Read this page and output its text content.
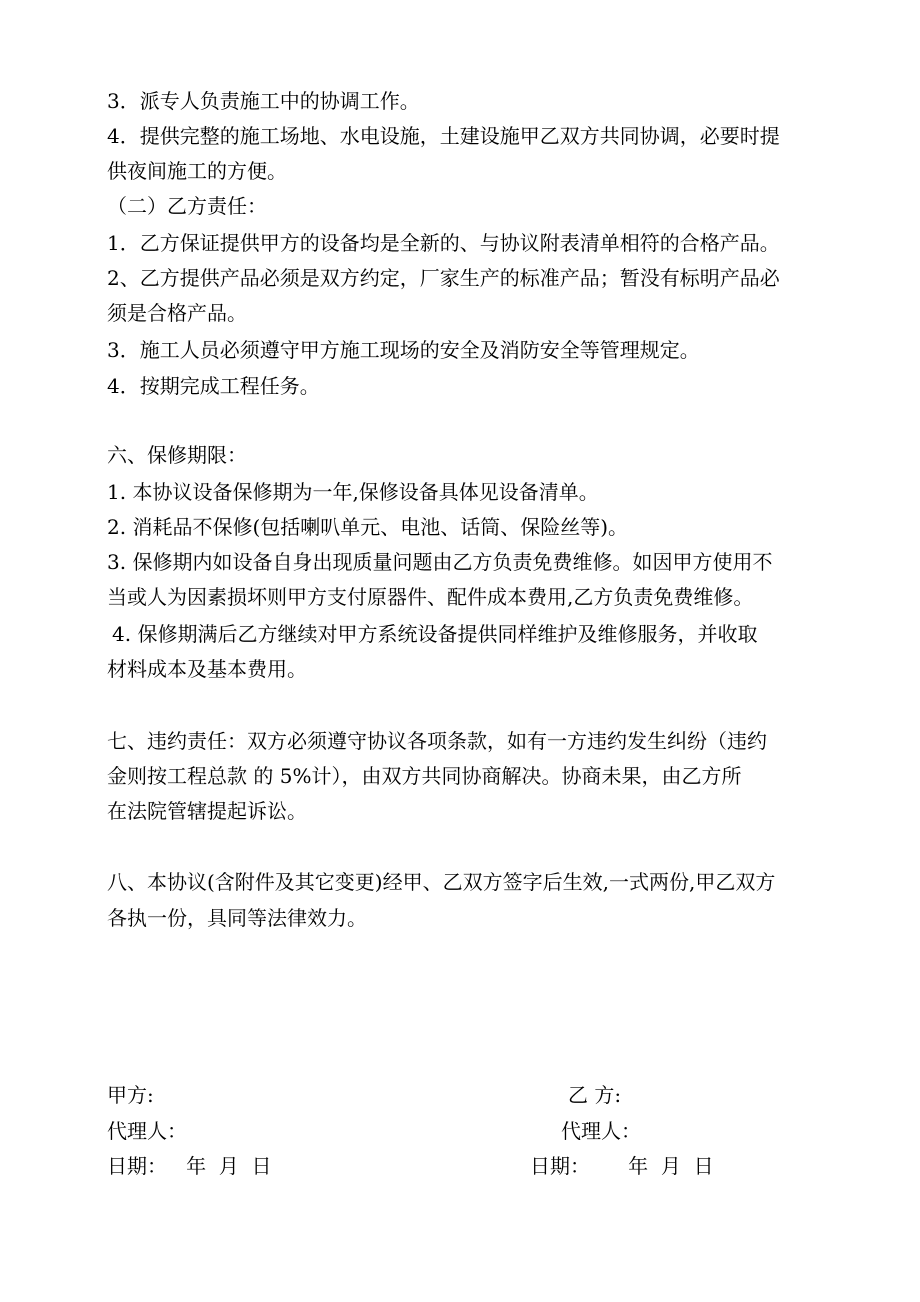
3．派专人负责施工中的协调工作。
4．提供完整的施工场地、水电设施，土建设施甲乙双方共同协调，必要时提
供夜间施工的方便。
（二）乙方责任：
1．乙方保证提供甲方的设备均是全新的、与协议附表清单相符的合格产品。
2、乙方提供产品必须是双方约定，厂家生产的标准产品；暂没有标明产品必
须是合格产品。
3．施工人员必须遵守甲方施工现场的安全及消防安全等管理规定。
4．按期完成工程任务。
六、保修期限：
1. 本协议设备保修期为一年,保修设备具体见设备清单。
2. 消耗品不保修(包括喇叭单元、电池、话筒、保险丝等)。
3. 保修期内如设备自身出现质量问题由乙方负责免费维修。如因甲方使用不
当或人为因素损坏则甲方支付原器件、配件成本费用,乙方负责免费维修。
4. 保修期满后乙方继续对甲方系统设备提供同样维护及维修服务，并收取
材料成本及基本费用。
七、违约责任：双方必须遵守协议各项条款，如有一方违约发生纠纷（违约
金则按工程总款 的 5%计），由双方共同协商解决。协商未果，由乙方所
在法院管辖提起诉讼。
八、本协议(含附件及其它变更)经甲、乙双方签字后生效,一式两份,甲乙双方
各执一份，具同等法律效力。
甲方:	乙 方:
代理人：	代理人：
日期：   年  月  日	日期：      年  月  日
